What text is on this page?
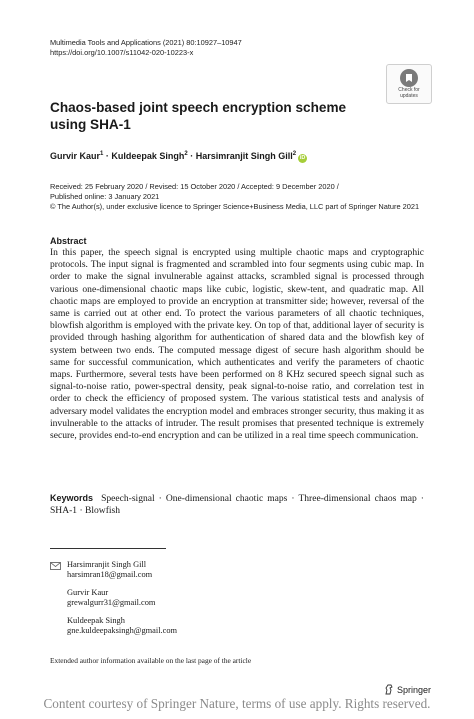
Multimedia Tools and Applications (2021) 80:10927–10947
https://doi.org/10.1007/s11042-020-10223-x
Check for
updates
Chaos-based joint speech encryption scheme
using SHA-1
Gurvir Kaur$^1$ · Kuldeepak Singh$^2$ · Harsimranjit Singh Gill$^2$iD
Received: 25 February 2020 / Revised: 15 October 2020 / Accepted: 9 December 2020 /
Published online: 3 January 2021
© The Author(s), under exclusive licence to Springer Science+Business Media, LLC part of Springer Nature 2021
Abstract
In this paper, the speech signal is encrypted using multiple chaotic maps and cryptographic protocols. The input signal is fragmented and scrambled into four segments using cubic map. In order to make the signal invulnerable against attacks, scrambled signal is processed through various one-dimensional chaotic maps like cubic, logistic, skew-tent, and quadratic map. All chaotic maps are employed to provide an encryption at transmitter side; however, reversal of the same is carried out at other end. To protect the various parameters of all chaotic techniques, blowfish algorithm is employed with the private key. On top of that, additional layer of security is provided through hashing algorithm for authentication of shared data and the blowfish key of system between two ends. The computed message digest of secure hash algorithm should be same for successful communication, which authenticates and verify the parameters of chaotic maps. Furthermore, several tests have been performed on 8 KHz secured speech signal such as signal-to-noise ratio, power-spectral density, peak signal-to-noise ratio, and correlation test in order to check the efficiency of proposed system. The various statistical tests and analysis of adversary model validates the encryption model and embraces stronger security, thus making it as invulnerable to the attacks of intruder. The result promises that presented technique is extremely secure, provides end-to-end encryption and can be utilized in a real time speech communication.
Keywords Speech-signal · One-dimensional chaotic maps · Three-dimensional chaos map · SHA-1 · Blowfish
Harsimranjit Singh Gill
harsimran18@gmail.com
Gurvir Kaur
grewalgurr31@gmail.com
Kuldeepak Singh
gne.kuldeepaksingh@gmail.com
Extended author information available on the last page of the article
Springer
Content courtesy of Springer Nature, terms of use apply. Rights reserved.
